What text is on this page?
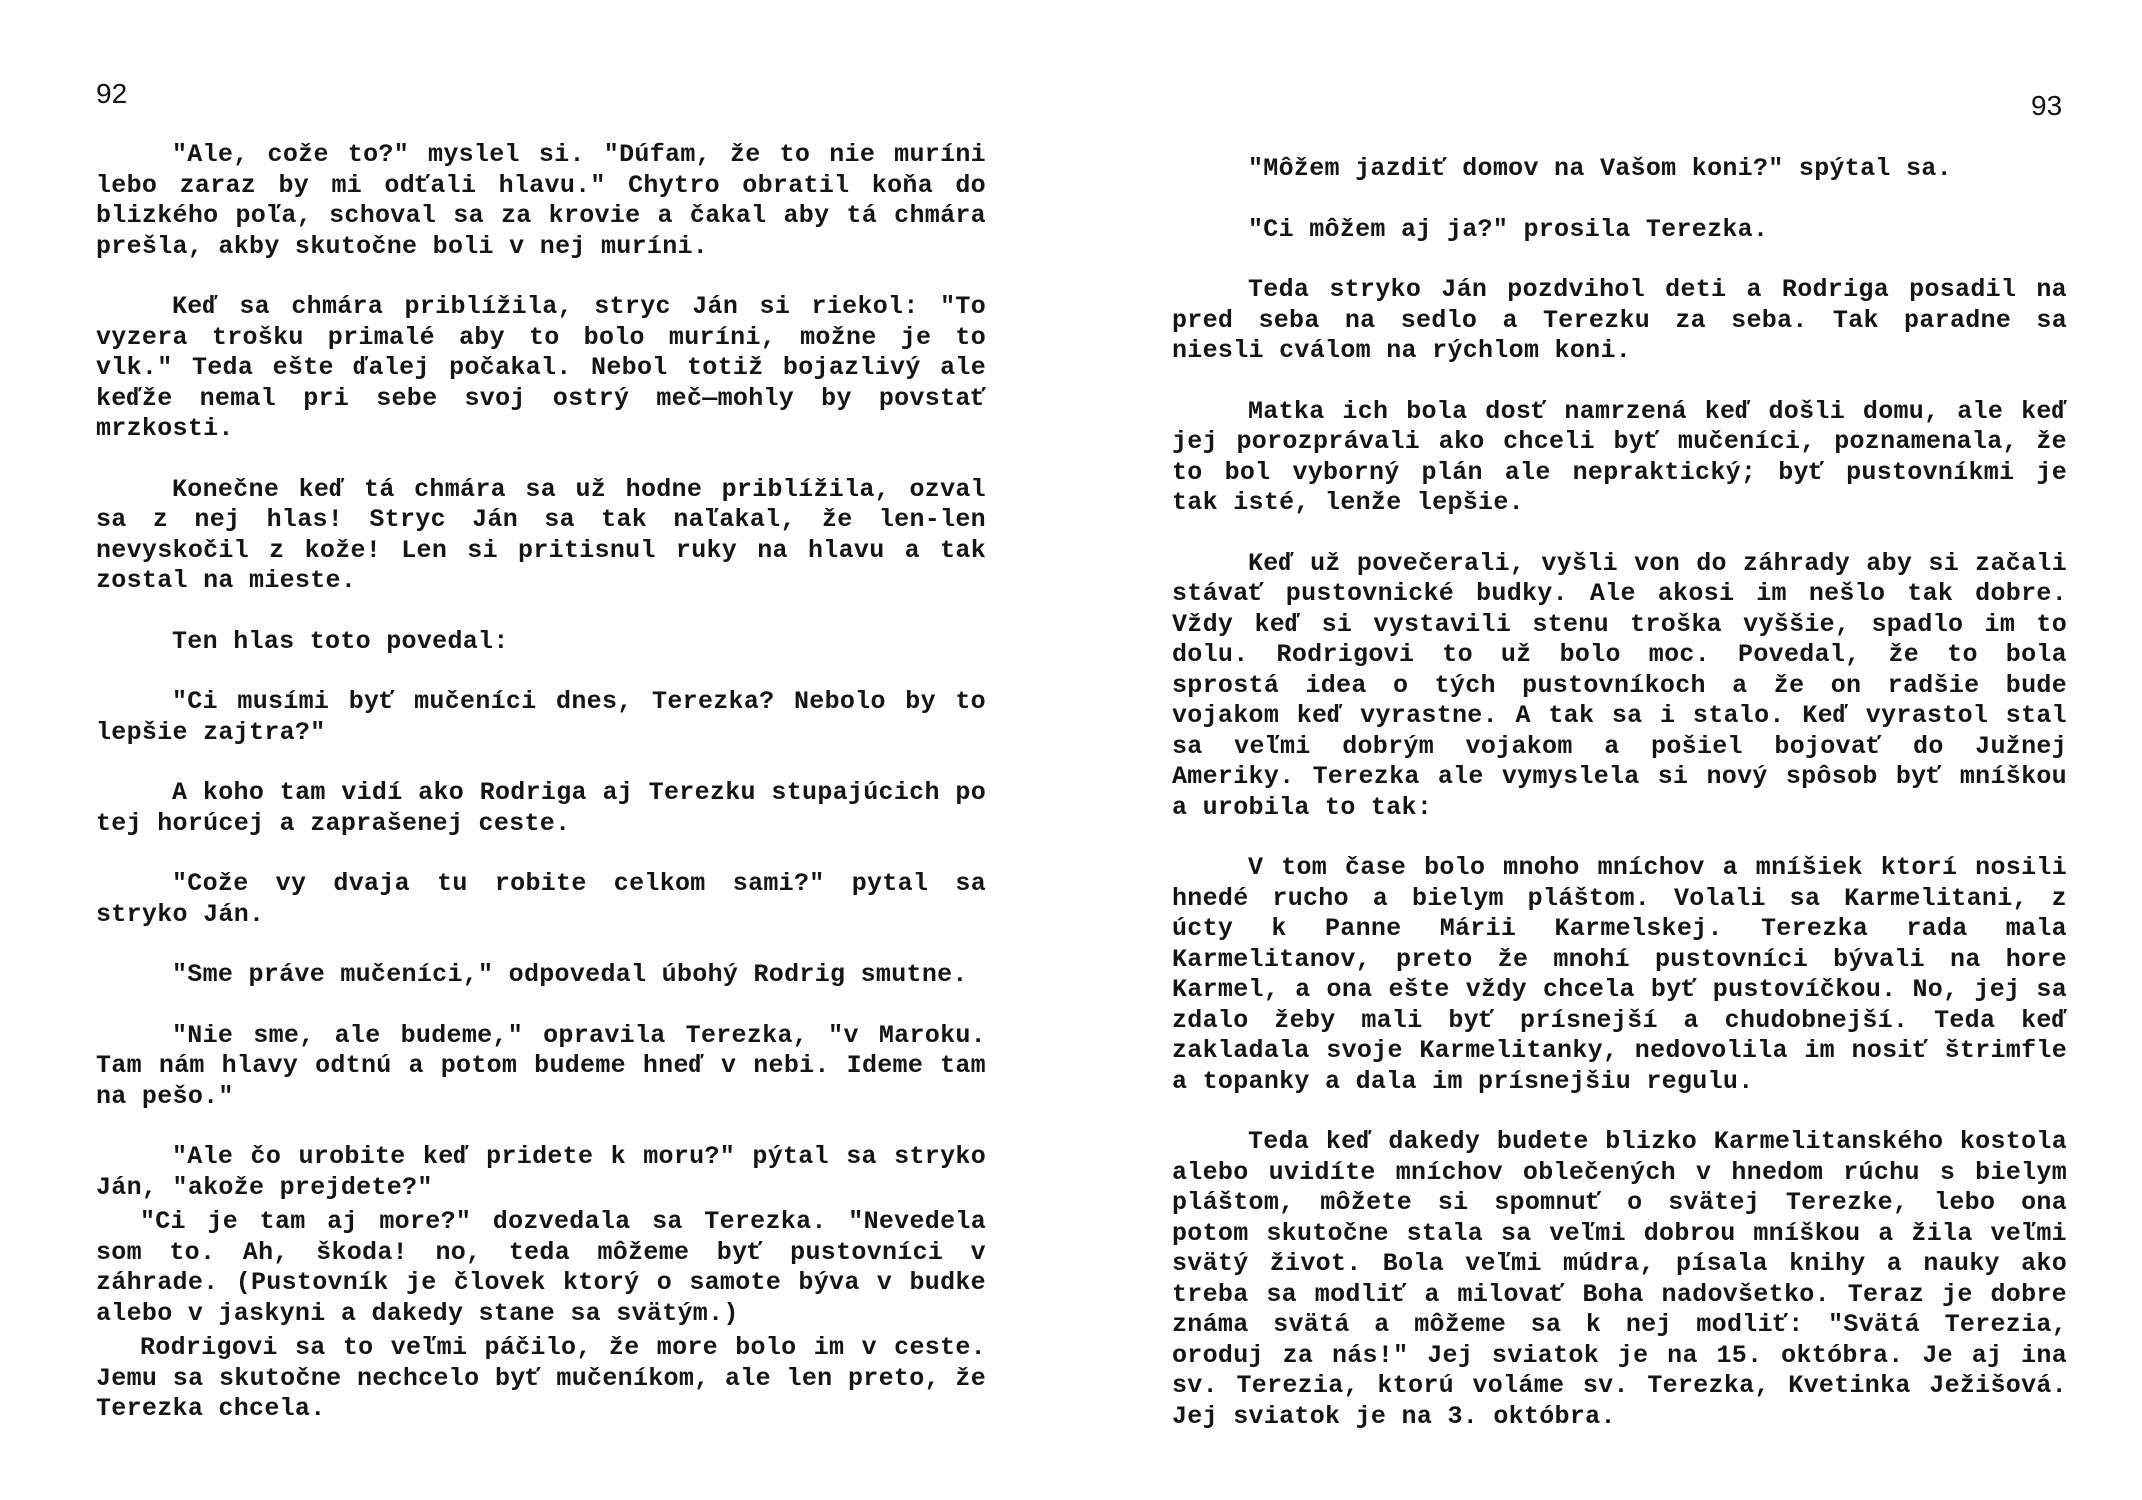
92

"Ale, cože to?" myslel si. "Dúfam, že to nie muríni lebo zaraz by mi odťali hlavu." Chytro obratil koňa do blizkého poľa, schoval sa za krovie a čakal aby tá chmára prešla, akby skutočne boli v nej muríni.

Keď sa chmára priblížila, stryc Ján si riekol: "To vyzera trošku primalé aby to bolo muríni, možne je to vlk." Teda ešte ďalej počakal. Nebol totiž bojazlivý ale keďže nemal pri sebe svoj ostrý meč—mohly by povstať mrzkosti.

Konečne keď tá chmára sa už hodne priblížila, ozval sa z nej hlas! Stryc Ján sa tak naľakal, že len-len nevyskočil z kože! Len si pritisnul ruky na hlavu a tak zostal na mieste.

Ten hlas toto povedal:

"Ci musími byť mučeníci dnes, Terezka? Nebolo by to lepšie zajtra?"

A koho tam vidí ako Rodriga aj Terezku stupajúcich po tej horúcej a zaprašenej ceste.

"Cože vy dvaja tu robite celkom sami?" pytal sa stryko Ján.

"Sme práve mučeníci," odpovedal úbohý Rodrig smutne.

"Nie sme, ale budeme," opravila Terezka, "v Maroku. Tam nám hlavy odtnú a potom budeme hneď v nebi. Ideme tam na pešo."

"Ale čo urobite keď pridete k moru?" pýtal sa stryko Ján, "akože prejdete?"

"Ci je tam aj more?" dozvedala sa Terezka. "Nevedela som to. Ah, škoda! no, teda môžeme byť pustovníci v záhrade. (Pustovník je človek ktorý o samote býva v budke alebo v jaskyni a dakedy stane sa svätým.)

Rodrigovi sa to veľmi páčilo, že more bolo im v ceste. Jemu sa skutočne nechcelo byť mučeníkom, ale len preto, že Terezka chcela.

93

"Môžem jazdiť domov na Vašom koni?" spýtal sa.

"Ci môžem aj ja?" prosila Terezka.

Teda stryko Ján pozdvihol deti a Rodriga posadil na pred seba na sedlo a Terezku za seba. Tak paradne sa niesli cválom na rýchlom koni.

Matka ich bola dosť namrzená keď došli domu, ale keď jej porozprávali ako chceli byť mučeníci, poznamenala, že to bol vyborný plán ale nepraktický; byť pustovníkmi je tak isté, lenže lepšie.

Keď už povečerali, vyšli von do záhrady aby si začali stávať pustovnické budky. Ale akosi im nešlo tak dobre. Vždy keď si vystavili stenu troška vyššie, spadlo im to dolu. Rodrigovi to už bolo moc. Povedal, že to bola sprostá idea o tých pustovníkoch a že on radšie bude vojakom keď vyrastne. A tak sa i stalo. Keď vyrastol stal sa veľmi dobrým vojakom a pošiel bojovať do Južnej Ameriky. Terezka ale vymyslela si nový spôsob byť mníškou a urobila to tak:

V tom čase bolo mnoho mníchov a mníšiek ktorí nosili hnedé rucho a bielym pláštom. Volali sa Karmelitani, z úcty k Panne Márii Karmelskej. Terezka rada mala Karmelitanov, preto že mnohí pustovníci bývali na hore Karmel, a ona ešte vždy chcela byť pustovíčkou. No, jej sa zdalo žeby mali byť prísnejší a chudobnejší. Teda keď zakladala svoje Karmelitanky, nedovolila im nosiť štrimfle a topanky a dala im prísnejšiu regulu.

Teda keď dakedy budete blizko Karmelitanského kostola alebo uvidíte mníchov oblečených v hnedom rúchu s bielym pláštom, môžete si spomnuť o svätej Terezke, lebo ona potom skutočne stala sa veľmi dobrou mníškou a žila veľmi svätý život. Bola veľmi múdra, písala knihy a nauky ako treba sa modliť a milovať Boha nadovšetko. Teraz je dobre známa svätá a môžeme sa k nej modliť: "Svätá Terezia, oroduj za nás!" Jej sviatok je na 15. októbra. Je aj ina sv. Terezia, ktorú voláme sv. Terezka, Kvetinka Ježišová. Jej sviatok je na 3. októbra.
